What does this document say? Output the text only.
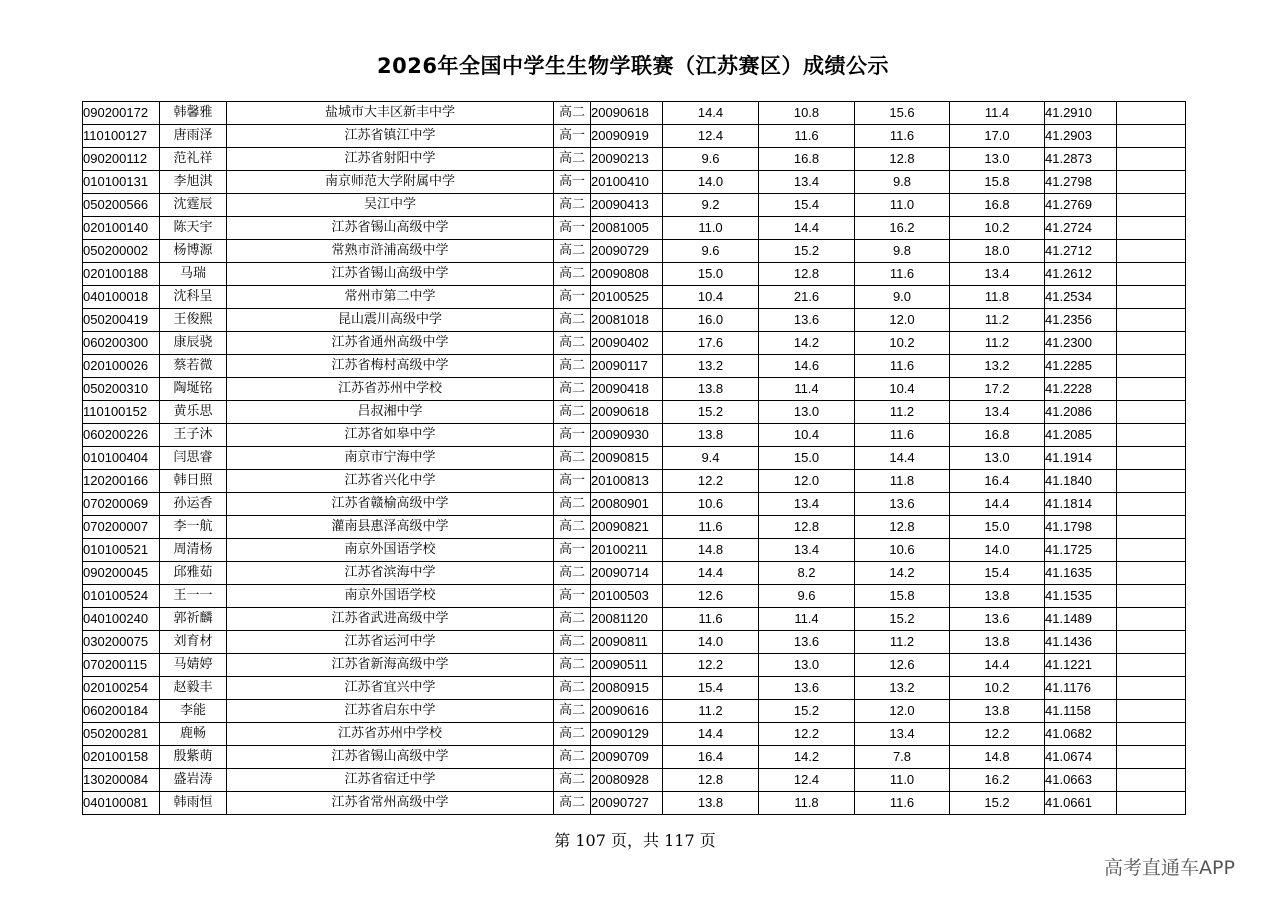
2026年全国中学生生物学联赛（江苏赛区）成绩公示
090200172	韩馨雅	盐城市大丰区新丰中学	高二	20090618	14.4	10.8	15.6	11.4	41.2910	
110100127	唐雨泽	江苏省镇江中学	高一	20090919	12.4	11.6	11.6	17.0	41.2903	
090200112	范礼祥	江苏省射阳中学	高二	20090213	9.6	16.8	12.8	13.0	41.2873	
010100131	李旭淇	南京师范大学附属中学	高一	20100410	14.0	13.4	9.8	15.8	41.2798	
050200566	沈霆辰	吴江中学	高二	20090413	9.2	15.4	11.0	16.8	41.2769	
020100140	陈天宇	江苏省锡山高级中学	高一	20081005	11.0	14.4	16.2	10.2	41.2724	
050200002	杨博源	常熟市浒浦高级中学	高二	20090729	9.6	15.2	9.8	18.0	41.2712	
020100188	马瑞	江苏省锡山高级中学	高二	20090808	15.0	12.8	11.6	13.4	41.2612	
040100018	沈科呈	常州市第二中学	高一	20100525	10.4	21.6	9.0	11.8	41.2534	
050200419	王俊熙	昆山震川高级中学	高二	20081018	16.0	13.6	12.0	11.2	41.2356	
060200300	康辰骁	江苏省通州高级中学	高二	20090402	17.6	14.2	10.2	11.2	41.2300	
020100026	蔡若微	江苏省梅村高级中学	高二	20090117	13.2	14.6	11.6	13.2	41.2285	
050200310	陶埏铭	江苏省苏州中学校	高二	20090418	13.8	11.4	10.4	17.2	41.2228	
110100152	黄乐思	吕叔湘中学	高二	20090618	15.2	13.0	11.2	13.4	41.2086	
060200226	王子沐	江苏省如皋中学	高一	20090930	13.8	10.4	11.6	16.8	41.2085	
010100404	闫思睿	南京市宁海中学	高二	20090815	9.4	15.0	14.4	13.0	41.1914	
120200166	韩日照	江苏省兴化中学	高一	20100813	12.2	12.0	11.8	16.4	41.1840	
070200069	孙运香	江苏省赣榆高级中学	高二	20080901	10.6	13.4	13.6	14.4	41.1814	
070200007	李一航	灌南县惠泽高级中学	高二	20090821	11.6	12.8	12.8	15.0	41.1798	
010100521	周清杨	南京外国语学校	高一	20100211	14.8	13.4	10.6	14.0	41.1725	
090200045	邱雅茹	江苏省滨海中学	高二	20090714	14.4	8.2	14.2	15.4	41.1635	
010100524	王一一	南京外国语学校	高一	20100503	12.6	9.6	15.8	13.8	41.1535	
040100240	郭祈麟	江苏省武进高级中学	高二	20081120	11.6	11.4	15.2	13.6	41.1489	
030200075	刘育材	江苏省运河中学	高二	20090811	14.0	13.6	11.2	13.8	41.1436	
070200115	马婧婷	江苏省新海高级中学	高二	20090511	12.2	13.0	12.6	14.4	41.1221	
020100254	赵毅丰	江苏省宜兴中学	高二	20080915	15.4	13.6	13.2	10.2	41.1176	
060200184	李能	江苏省启东中学	高二	20090616	11.2	15.2	12.0	13.8	41.1158	
050200281	鹿畅	江苏省苏州中学校	高二	20090129	14.4	12.2	13.4	12.2	41.0682	
020100158	殷紫萌	江苏省锡山高级中学	高二	20090709	16.4	14.2	7.8	14.8	41.0674	
130200084	盛岩涛	江苏省宿迁中学	高二	20080928	12.8	12.4	11.0	16.2	41.0663	
040100081	韩雨恒	江苏省常州高级中学	高二	20090727	13.8	11.8	11.6	15.2	41.0661	
第 107 页，共 117 页
高考直通车APP
